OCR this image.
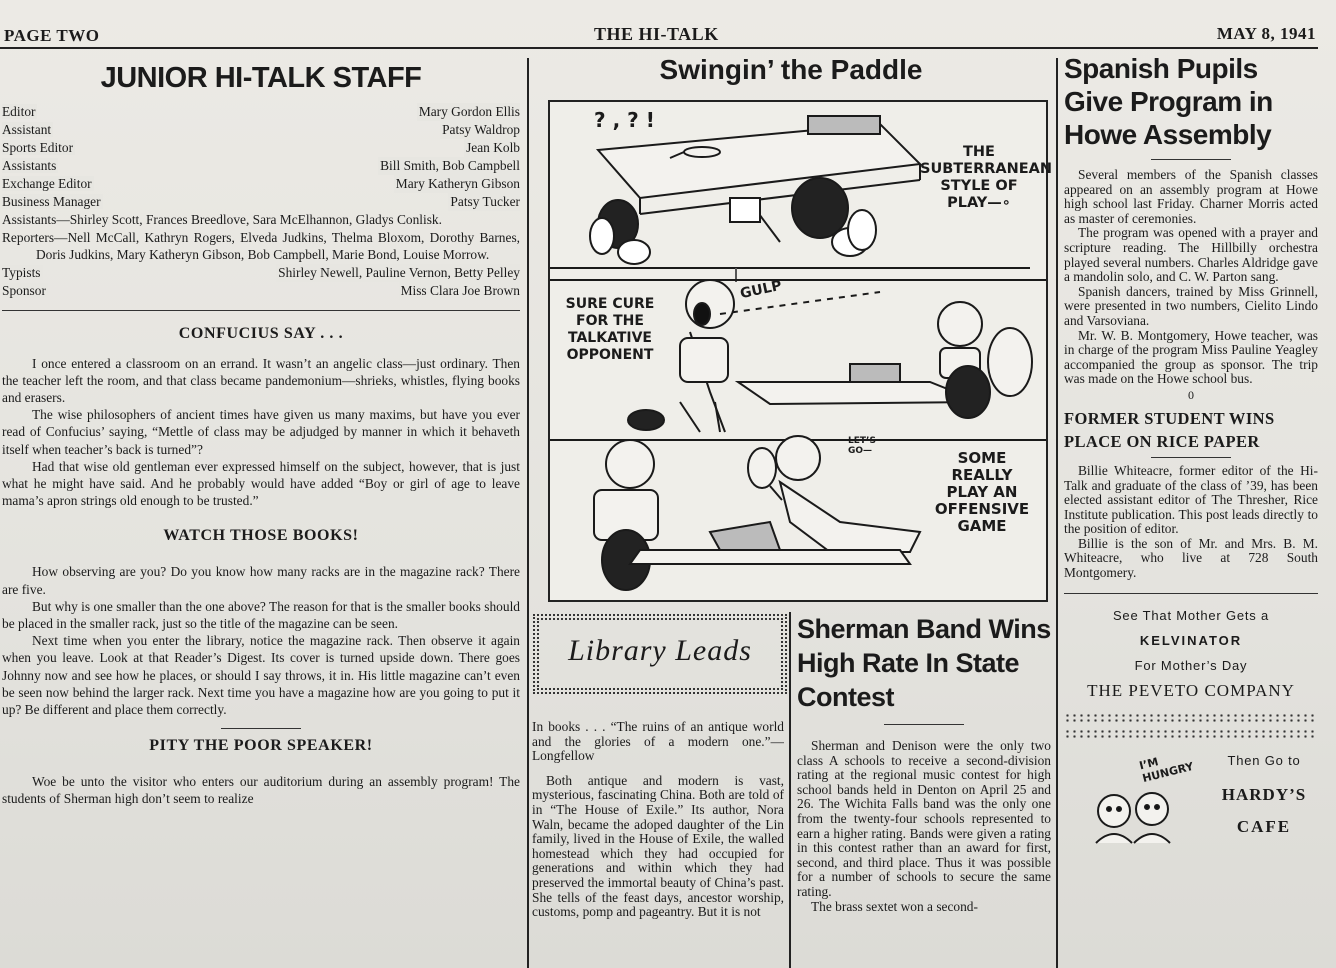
PAGE TWO	THE HI-TALK	MAY 8, 1941
JUNIOR HI-TALK STAFF
Editor	Mary Gordon Ellis
Assistant	Patsy Waldrop
Sports Editor	Jean Kolb
Assistants	Bill Smith, Bob Campbell
Exchange Editor	Mary Katheryn Gibson
Business Manager	Patsy Tucker
Assistants—Shirley Scott, Frances Breedlove, Sara McElhannon, Gladys Conlisk.
Reporters—Nell McCall, Kathryn Rogers, Elveda Judkins, Thelma Bloxom, Dorothy Barnes, Doris Judkins, Mary Katheryn Gibson, Bob Campbell, Marie Bond, Louise Morrow.
Typists	Shirley Newell, Pauline Vernon, Betty Pelley
Sponsor	Miss Clara Joe Brown
CONFUCIUS SAY . . .

I once entered a classroom on an errand. It wasn’t an angelic class—just ordinary. Then the teacher left the room, and that class became pandemonium—shrieks, whistles, flying books and erasers.

The wise philosophers of ancient times have given us many maxims, but have you ever read of Confucius’ saying, “Mettle of class may be adjudged by manner in which it behaveth itself when teacher’s back is turned”?

Had that wise old gentleman ever expressed himself on the subject, however, that is just what he might have said. And he probably would have added “Boy or girl of age to leave mama’s apron strings old enough to be trusted.”

WATCH THOSE BOOKS!

How observing are you? Do you know how many racks are in the magazine rack? There are five.

But why is one smaller than the one above? The reason for that is the smaller books should be placed in the smaller rack, just so the title of the magazine can be seen.

Next time when you enter the library, notice the magazine rack. Then observe it again when you leave. Look at that Reader’s Digest. Its cover is turned upside down. There goes Johnny now and see how he places, or should I say throws, it in. His little magazine can’t even be seen now behind the larger rack. Next time you have a magazine how are you going to put it up? Be different and place them correctly.

PITY THE POOR SPEAKER!

Woe be unto the visitor who enters our auditorium during an assembly program! The students of Sherman high don’t seem to realize

Swingin’ the Paddle
? , ? !
THE SUBTERRANEAN STYLE OF PLAY—∘
SURE CURE FOR THE TALKATIVE OPPONENT
GULP
LET’S GO—	SOME REALLY PLAY AN OFFENSIVE GAME
Library Leads

In books . . . “The ruins of an antique world and the glories of a modern one.”—Longfellow

Both antique and modern is vast, mysterious, fascinating China. Both are told of in “The House of Exile.” Its author, Nora Waln, became the adoped daughter of the Lin family, lived in the House of Exile, the walled homestead which they had occupied for generations and within which they had preserved the immortal beauty of China’s past. She tells of the feast days, ancestor worship, customs, pomp and pageantry. But it is not

Sherman Band Wins High Rate In State Contest

Sherman and Denison were the only two class A schools to receive a second-division rating at the regional music contest for high school bands held in Denton on April 25 and 26. The Wichita Falls band was the only one from the twenty-four schools represented to earn a higher rating. Bands were given a rating in this contest rather than an award for first, second, and third place. Thus it was possible for a number of schools to secure the same rating.

The brass sextet won a second-

Spanish Pupils Give Program in Howe Assembly

Several members of the Spanish classes appeared on an assembly program at Howe high school last Friday. Charner Morris acted as master of ceremonies.

The program was opened with a prayer and scripture reading. The Hillbilly orchestra played several numbers. Charles Aldridge gave a mandolin solo, and C. W. Parton sang.

Spanish dancers, trained by Miss Grinnell, were presented in two numbers, Cielito Lindo and Varsoviana.

Mr. W. B. Montgomery, Howe teacher, was in charge of the program Miss Pauline Yeagley accompanied the group as sponsor. The trip was made on the Howe school bus.

0
FORMER STUDENT WINS PLACE ON RICE PAPER

Billie Whiteacre, former editor of the Hi-Talk and graduate of the class of ’39, has been elected assistant editor of The Thresher, Rice Institute publication. This post leads directly to the position of editor.

Billie is the son of Mr. and Mrs. B. M. Whiteacre, who live at 728 South Montgomery.

See That Mother Gets a
KELVINATOR
For Mother’s Day
THE PEVETO COMPANY
I’M HUNGRY	Then Go to
HARDY’S
CAFE
